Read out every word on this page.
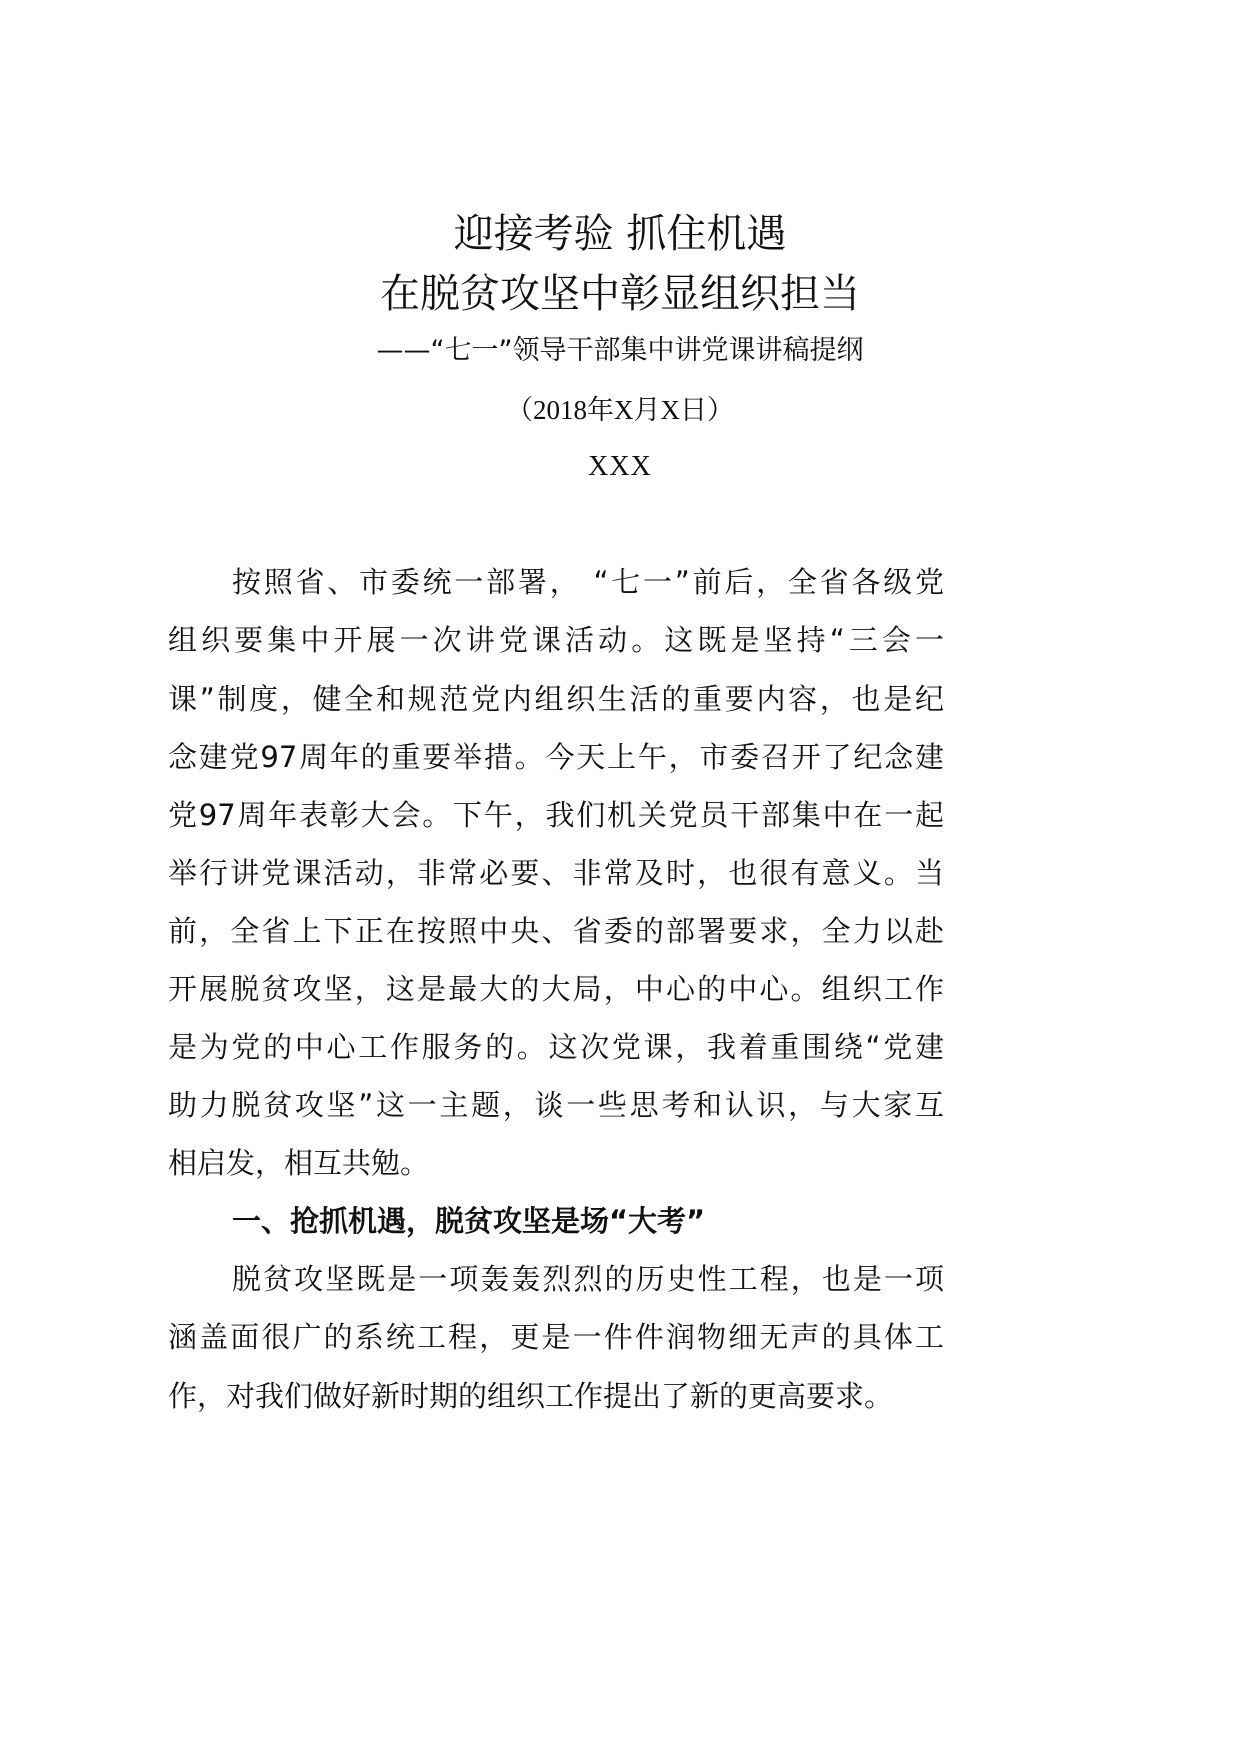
迎接考验 抓住机遇
在脱贫攻坚中彰显组织担当
——“七一”领导干部集中讲党课讲稿提纲
（2018年X月X日）
XXX
按照省、市委统一部署， “七一”前后，全省各级党
组织要集中开展一次讲党课活动。这既是坚持“三会一
课”制度，健全和规范党内组织生活的重要内容，也是纪
念建党97周年的重要举措。今天上午，市委召开了纪念建
党97周年表彰大会。下午，我们机关党员干部集中在一起
举行讲党课活动，非常必要、非常及时，也很有意义。当
前，全省上下正在按照中央、省委的部署要求，全力以赴
开展脱贫攻坚，这是最大的大局，中心的中心。组织工作
是为党的中心工作服务的。这次党课，我着重围绕“党建
助力脱贫攻坚”这一主题，谈一些思考和认识，与大家互
相启发，相互共勉。
一、抢抓机遇，脱贫攻坚是场“大考”
脱贫攻坚既是一项轰轰烈烈的历史性工程，也是一项
涵盖面很广的系统工程，更是一件件润物细无声的具体工
作，对我们做好新时期的组织工作提出了新的更高要求。
